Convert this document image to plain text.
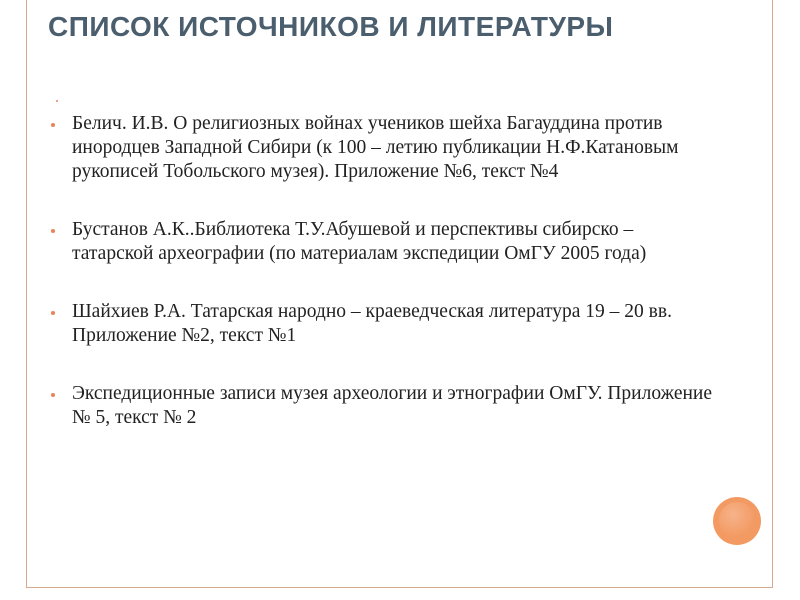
СПИСОК ИСТОЧНИКОВ И ЛИТЕРАТУРЫ
Белич. И.В. О религиозных войнах учеников шейха Багауддина против инородцев Западной Сибири (к 100 – летию публикации Н.Ф.Катановым рукописей Тобольского музея). Приложение №6, текст №4
Бустанов А.К..Библиотека Т.У.Абушевой и перспективы сибирско – татарской археографии (по материалам экспедиции ОмГУ 2005 года)
Шайхиев Р.А. Татарская народно – краеведческая литература 19 – 20 вв. Приложение №2, текст №1
Экспедиционные записи музея археологии и этнографии ОмГУ. Приложение № 5, текст № 2
